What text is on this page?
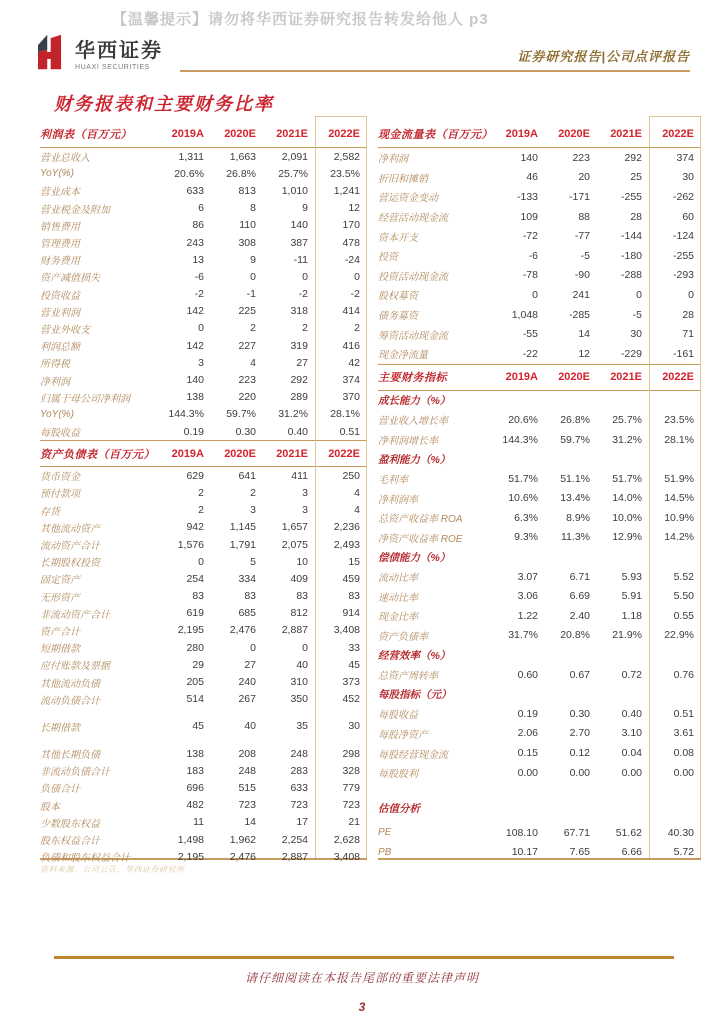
【温馨提示】请勿将华西证券研究报告转发给他人 p3
华西证券
HUAXI SECURITIES
证券研究报告|公司点评报告
财务报表和主要财务比率
利润表（百万元）	2019A	2020E	2021E	2022E
营业总收入	1,311	1,663	2,091	2,582
YoY(%)	20.6%	26.8%	25.7%	23.5%
营业成本	633	813	1,010	1,241
营业税金及附加	6	8	9	12
销售费用	86	110	140	170
管理费用	243	308	387	478
财务费用	13	9	-11	-24
资产减值损失	-6	0	0	0
投资收益	-2	-1	-2	-2
营业利润	142	225	318	414
营业外收支	0	2	2	2
利润总额	142	227	319	416
所得税	3	4	27	42
净利润	140	223	292	374
归属于母公司净利润	138	220	289	370
YoY(%)	144.3%	59.7%	31.2%	28.1%
每股收益	0.19	0.30	0.40	0.51
资产负债表（百万元）	2019A	2020E	2021E	2022E
货币资金	629	641	411	250
预付款项	2	2	3	4
存货	2	3	3	4
其他流动资产	942	1,145	1,657	2,236
流动资产合计	1,576	1,791	2,075	2,493
长期股权投资	0	5	10	15
固定资产	254	334	409	459
无形资产	83	83	83	83
非流动资产合计	619	685	812	914
资产合计	2,195	2,476	2,887	3,408
短期借款	280	0	0	33
应付账款及票据	29	27	40	45
其他流动负债	205	240	310	373
流动负债合计	514	267	350	452
长期借款	45	40	35	30
其他长期负债	138	208	248	298
非流动负债合计	183	248	283	328
负债合计	696	515	633	779
股本	482	723	723	723
少数股东权益	11	14	17	21
股东权益合计	1,498	1,962	2,254	2,628
负债和股东权益合计	2,195	2,476	2,887	3,408
资料来源：公司公告，华西证券研究所
现金流量表（百万元）	2019A	2020E	2021E	2022E
净利润	140	223	292	374
折旧和摊销	46	20	25	30
营运资金变动	-133	-171	-255	-262
经营活动现金流	109	88	28	60
资本开支	-72	-77	-144	-124
投资	-6	-5	-180	-255
投资活动现金流	-78	-90	-288	-293
股权募资	0	241	0	0
债务募资	1,048	-285	-5	28
筹资活动现金流	-55	14	30	71
现金净流量	-22	12	-229	-161
主要财务指标	2019A	2020E	2021E	2022E
成长能力（%）
营业收入增长率	20.6%	26.8%	25.7%	23.5%
净利润增长率	144.3%	59.7%	31.2%	28.1%
盈利能力（%）
毛利率	51.7%	51.1%	51.7%	51.9%
净利润率	10.6%	13.4%	14.0%	14.5%
总资产收益率 ROA	6.3%	8.9%	10.0%	10.9%
净资产收益率 ROE	9.3%	11.3%	12.9%	14.2%
偿债能力（%）
流动比率	3.07	6.71	5.93	5.52
速动比率	3.06	6.69	5.91	5.50
现金比率	1.22	2.40	1.18	0.55
资产负债率	31.7%	20.8%	21.9%	22.9%
经营效率（%）
总资产周转率	0.60	0.67	0.72	0.76
每股指标（元）
每股收益	0.19	0.30	0.40	0.51
每股净资产	2.06	2.70	3.10	3.61
每股经营现金流	0.15	0.12	0.04	0.08
每股股利	0.00	0.00	0.00	0.00
估值分析
PE	108.10	67.71	51.62	40.30
PB	10.17	7.65	6.66	5.72
请仔细阅读在本报告尾部的重要法律声明
3
